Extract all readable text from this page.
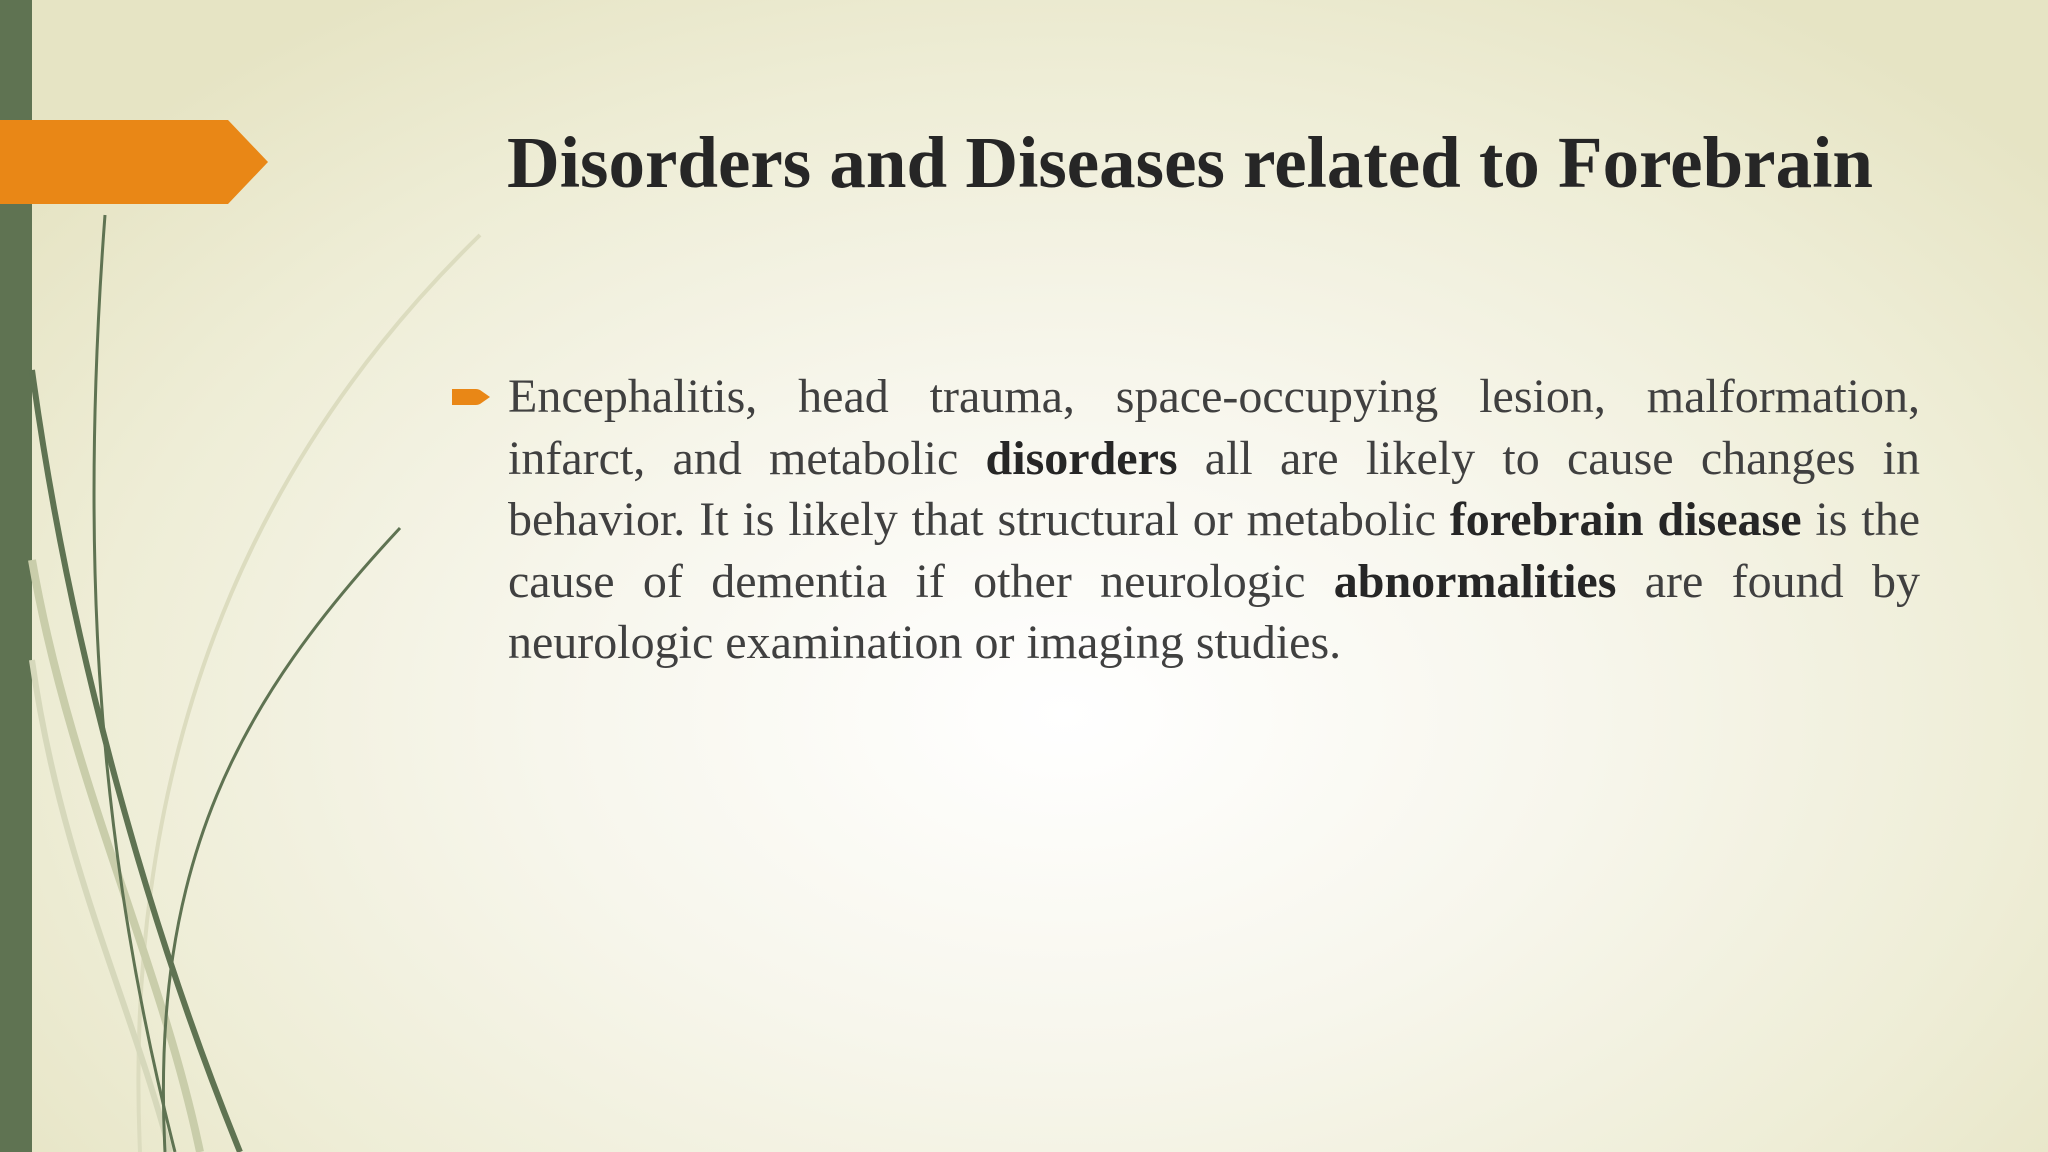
Disorders and Diseases related to Forebrain

Encephalitis, head trauma, space-occupying lesion, malformation, infarct, and metabolic disorders all are likely to cause changes in behavior. It is likely that structural or metabolic forebrain disease is the cause of dementia if other neurologic abnormalities are found by neurologic examination or imaging studies.
